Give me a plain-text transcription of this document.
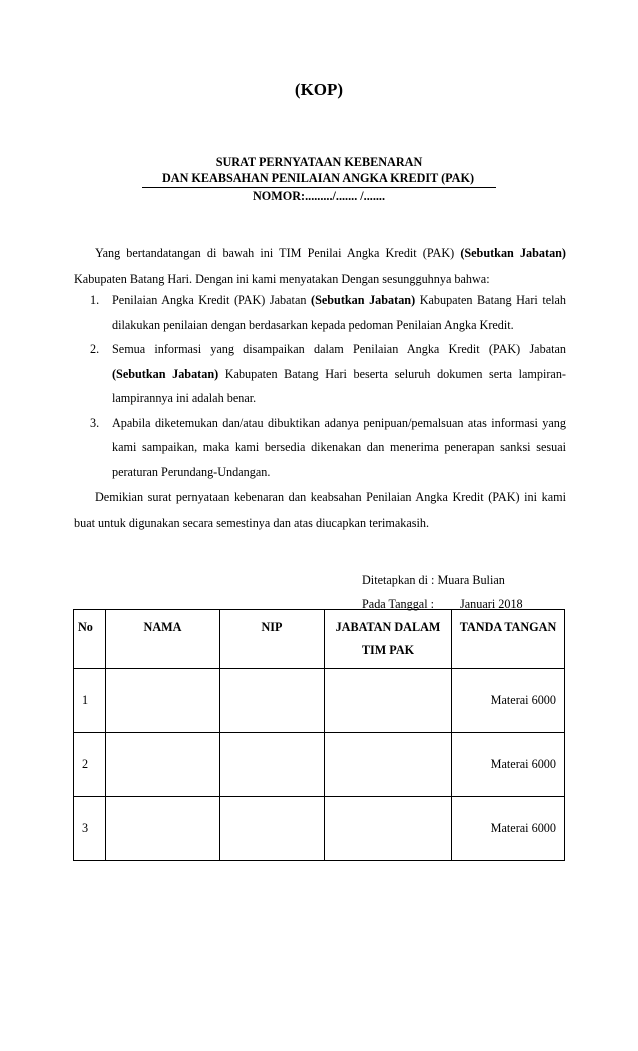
(KOP)
SURAT PERNYATAAN KEBENARAN
DAN KEABSAHAN PENILAIAN ANGKA KREDIT (PAK)
NOMOR:........./....... /.......

Yang bertandatangan di bawah ini TIM Penilai Angka Kredit (PAK) (Sebutkan Jabatan) Kabupaten Batang Hari. Dengan ini kami menyatakan Dengan sesungguhnya bahwa:

1. Penilaian Angka Kredit (PAK) Jabatan (Sebutkan Jabatan) Kabupaten Batang Hari telah dilakukan penilaian dengan berdasarkan kepada pedoman Penilaian Angka Kredit.
2. Semua informasi yang disampaikan dalam Penilaian Angka Kredit (PAK) Jabatan (Sebutkan Jabatan) Kabupaten Batang Hari beserta seluruh dokumen serta lampiran-lampirannya ini adalah benar.
3. Apabila diketemukan dan/atau dibuktikan adanya penipuan/pemalsuan atas informasi yang kami sampaikan, maka kami bersedia dikenakan dan menerima penerapan sanksi sesuai peraturan Perundang-Undangan.

Demikian surat pernyataan kebenaran dan keabsahan Penilaian Angka Kredit (PAK) ini kami buat untuk digunakan secara semestinya dan atas diucapkan terimakasih.

Ditetapkan di : Muara Bulian
Pada Tanggal : Januari 2018
No	NAMA	NIP	JABATAN DALAM TIM PAK	TANDA TANGAN
1				Materai 6000
2				Materai 6000
3				Materai 6000
